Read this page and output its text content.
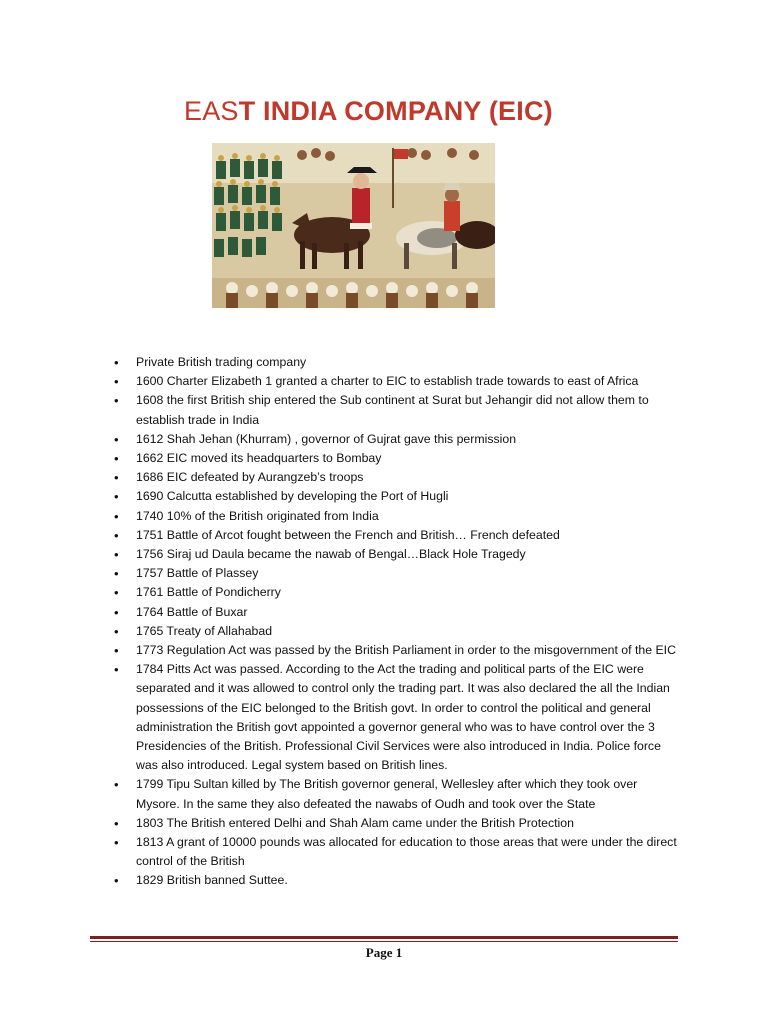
EAST INDIA COMPANY (EIC)
• Private British trading company
• 1600 Charter Elizabeth 1 granted a charter to EIC to establish trade towards to east of Africa
• 1608 the first British ship entered the Sub continent at Surat but Jehangir did not allow them to establish trade in India
• 1612 Shah Jehan (Khurram) , governor of Gujrat gave this permission
• 1662 EIC moved its headquarters to Bombay
• 1686 EIC defeated by Aurangzeb’s troops
• 1690 Calcutta established by developing the Port of Hugli
• 1740 10% of the British originated from India
• 1751 Battle of Arcot fought between the French and British… French defeated
• 1756 Siraj ud Daula became the nawab of Bengal…Black Hole Tragedy
• 1757 Battle of Plassey
• 1761 Battle of Pondicherry
• 1764 Battle of Buxar
• 1765 Treaty of Allahabad
• 1773 Regulation Act was passed by the British Parliament in order to the misgovernment of the EIC
• 1784 Pitts Act was passed. According to the Act the trading and political parts of the EIC were separated and it was allowed to control only the trading part. It was also declared the all the Indian possessions of the EIC belonged to the British govt. In order to control the political and general administration the British govt appointed a governor general who was to have control over the 3 Presidencies of the British. Professional Civil Services were also introduced in India. Police force was also introduced. Legal system based on British lines.
• 1799 Tipu Sultan killed by The British governor general, Wellesley after which they took over Mysore. In the same they also defeated the nawabs of Oudh and took over the State
• 1803 The British entered Delhi and Shah Alam came under the British Protection
• 1813 A grant of 10000 pounds was allocated for education to those areas that were under the direct control of the British
• 1829 British banned Suttee.
Page 1
